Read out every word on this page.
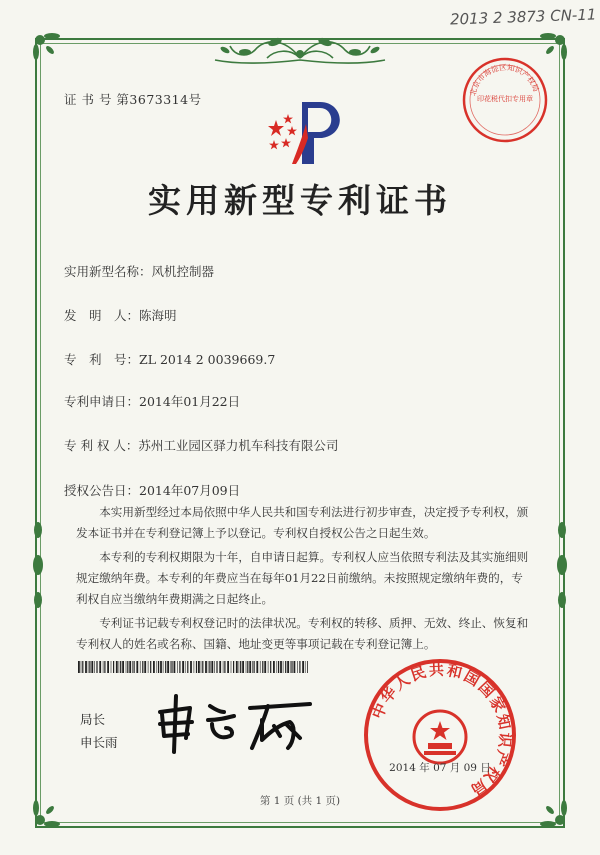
2013 2 3873 CN-11
证 书 号 第3673314号
北京市海淀区知识产权局
印花税代扣专用章
实用新型专利证书
实用新型名称：风机控制器
发　明　人：陈海明
专　利　号：ZL 2014 2 0039669.7
专利申请日：2014年01月22日
专 利 权 人：苏州工业园区驿力机车科技有限公司
授权公告日：2014年07月09日

本实用新型经过本局依照中华人民共和国专利法进行初步审查，决定授予专利权，颁发本证书并在专利登记簿上予以登记。专利权自授权公告之日起生效。

本专利的专利权期限为十年，自申请日起算。专利权人应当依照专利法及其实施细则规定缴纳年费。本专利的年费应当在每年01月22日前缴纳。未按照规定缴纳年费的，专利权自应当缴纳年费期满之日起终止。

专利证书记载专利权登记时的法律状况。专利权的转移、质押、无效、终止、恢复和专利权人的姓名或名称、国籍、地址变更等事项记载在专利登记簿上。

局长
申长雨
中华人民共和国国家知识产权局
2014 年 07 月 09 日
第 1 页 (共 1 页)
